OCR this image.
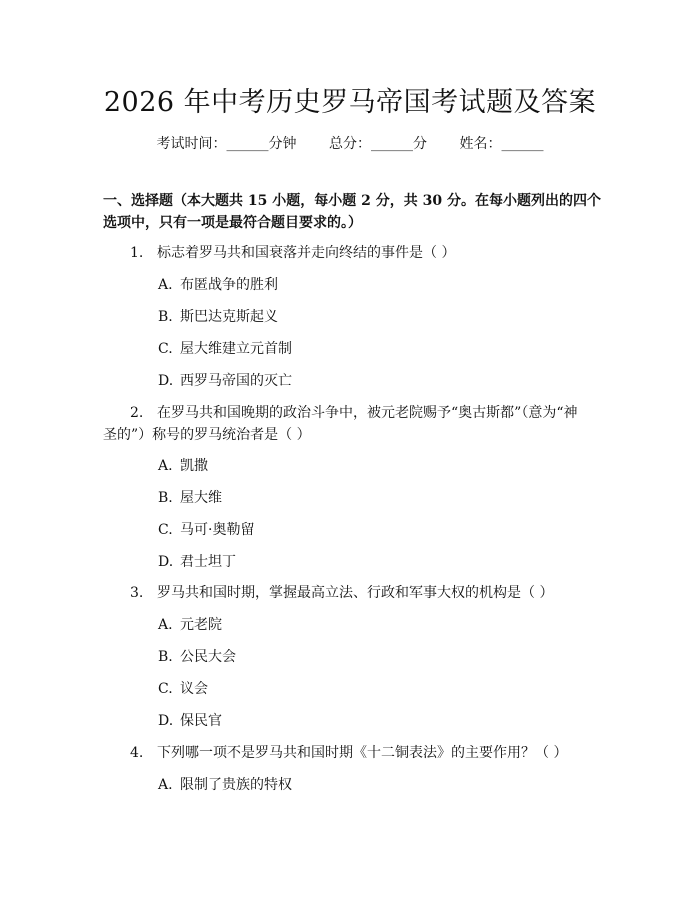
2026 年中考历史罗马帝国考试题及答案
考试时间：______分钟 总分：______分 姓名：______
一、选择题（本大题共 15 小题，每小题 2 分，共 30 分。在每小题列出的四个选项中，只有一项是最符合题目要求的。）
1. 标志着罗马共和国衰落并走向终结的事件是（ ）
A. 布匿战争的胜利
B. 斯巴达克斯起义
C. 屋大维建立元首制
D. 西罗马帝国的灭亡
2. 在罗马共和国晚期的政治斗争中，被元老院赐予“奥古斯都”（意为“神
圣的”）称号的罗马统治者是（ ）
A. 凯撒
B. 屋大维
C. 马可·奥勒留
D. 君士坦丁
3. 罗马共和国时期，掌握最高立法、行政和军事大权的机构是（ ）
A. 元老院
B. 公民大会
C. 议会
D. 保民官
4. 下列哪一项不是罗马共和国时期《十二铜表法》的主要作用？（ ）
A. 限制了贵族的特权
